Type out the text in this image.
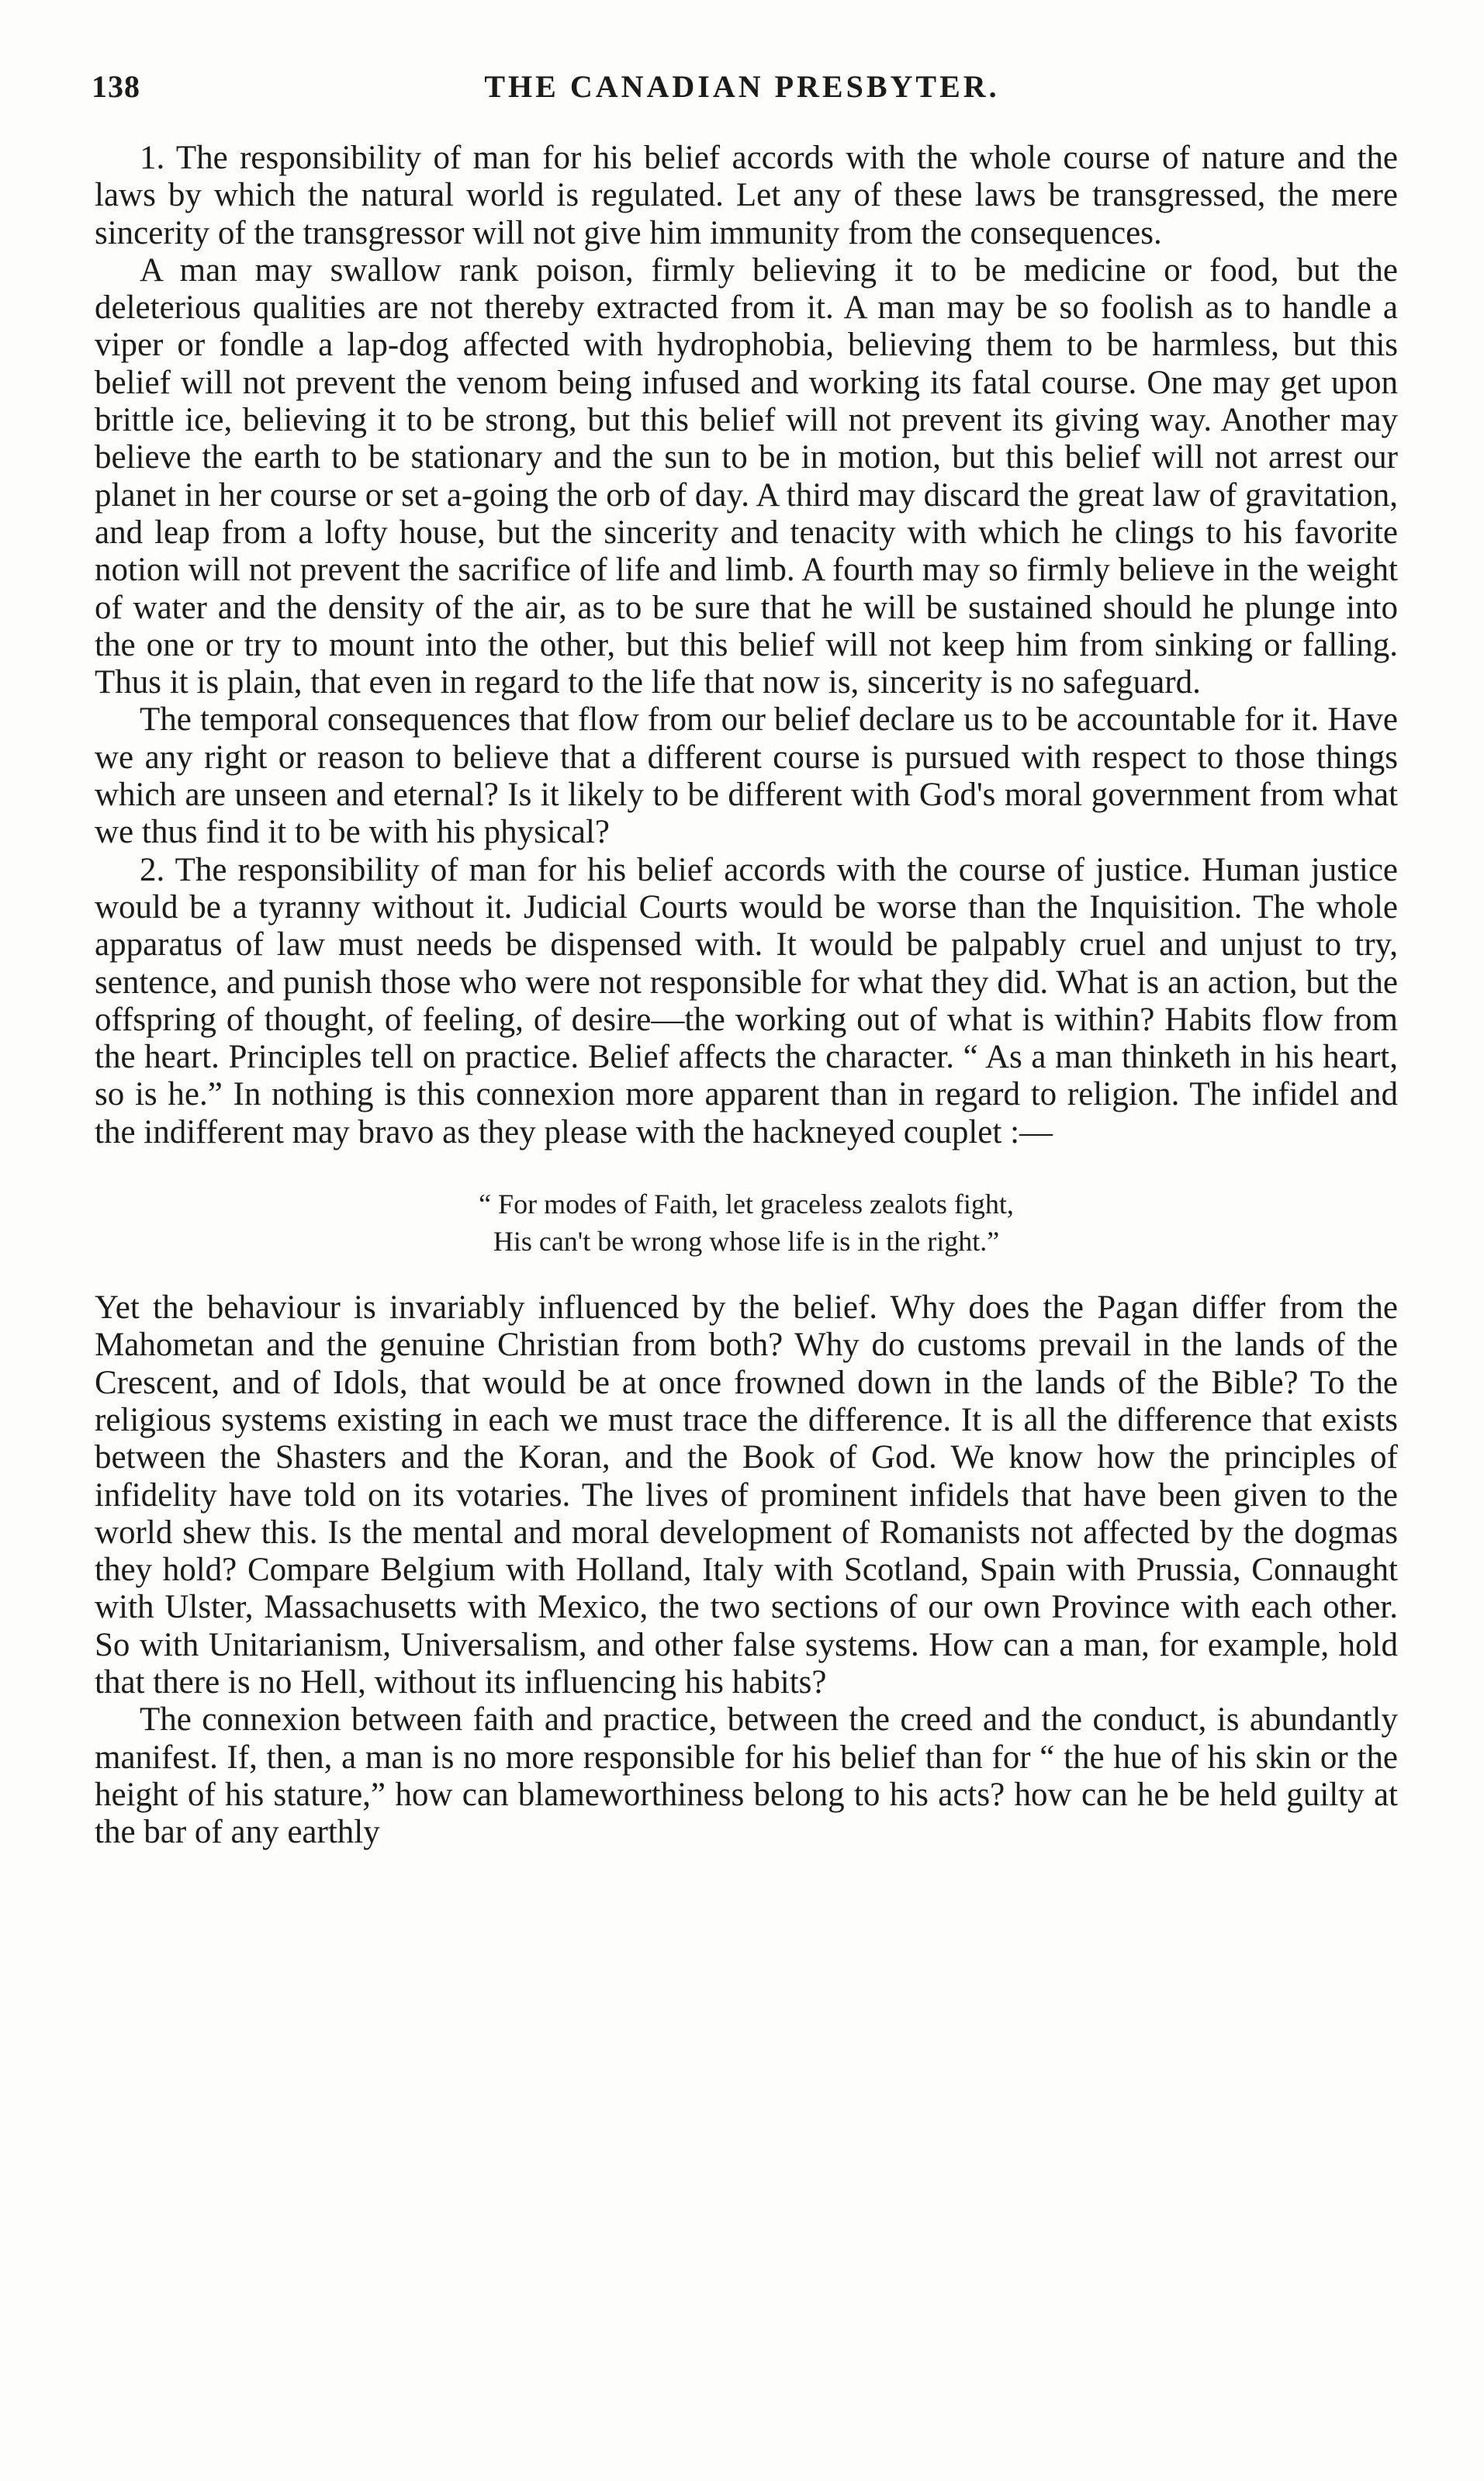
138	THE CANADIAN PRESBYTER.

1. The responsibility of man for his belief accords with the whole course of nature and the laws by which the natural world is regulated. Let any of these laws be transgressed, the mere sincerity of the transgressor will not give him immunity from the consequences.

A man may swallow rank poison, firmly believing it to be medicine or food, but the deleterious qualities are not thereby extracted from it. A man may be so foolish as to handle a viper or fondle a lap-dog affected with hydrophobia, believing them to be harmless, but this belief will not prevent the venom being infused and working its fatal course. One may get upon brittle ice, believing it to be strong, but this belief will not prevent its giving way. Another may believe the earth to be stationary and the sun to be in motion, but this belief will not arrest our planet in her course or set a-going the orb of day. A third may discard the great law of gravitation, and leap from a lofty house, but the sincerity and tenacity with which he clings to his favorite notion will not prevent the sacrifice of life and limb. A fourth may so firmly believe in the weight of water and the density of the air, as to be sure that he will be sustained should he plunge into the one or try to mount into the other, but this belief will not keep him from sinking or falling. Thus it is plain, that even in regard to the life that now is, sincerity is no safeguard.

The temporal consequences that flow from our belief declare us to be accountable for it. Have we any right or reason to believe that a different course is pursued with respect to those things which are unseen and eternal? Is it likely to be different with God's moral government from what we thus find it to be with his physical?

2. The responsibility of man for his belief accords with the course of justice. Human justice would be a tyranny without it. Judicial Courts would be worse than the Inquisition. The whole apparatus of law must needs be dispensed with. It would be palpably cruel and unjust to try, sentence, and punish those who were not responsible for what they did. What is an action, but the offspring of thought, of feeling, of desire—the working out of what is within? Habits flow from the heart. Principles tell on practice. Belief affects the character. “ As a man thinketh in his heart, so is he.” In nothing is this connexion more apparent than in regard to religion. The infidel and the indifferent may bravo as they please with the hackneyed couplet :—

“ For modes of Faith, let graceless zealots fight,
His can't be wrong whose life is in the right.”

Yet the behaviour is invariably influenced by the belief. Why does the Pagan differ from the Mahometan and the genuine Christian from both? Why do customs prevail in the lands of the Crescent, and of Idols, that would be at once frowned down in the lands of the Bible? To the religious systems existing in each we must trace the difference. It is all the difference that exists between the Shasters and the Koran, and the Book of God. We know how the principles of infidelity have told on its votaries. The lives of prominent infidels that have been given to the world shew this. Is the mental and moral development of Romanists not affected by the dogmas they hold? Compare Belgium with Holland, Italy with Scotland, Spain with Prussia, Connaught with Ulster, Massachusetts with Mexico, the two sections of our own Province with each other. So with Unitarianism, Universalism, and other false systems. How can a man, for example, hold that there is no Hell, without its influencing his habits?

The connexion between faith and practice, between the creed and the conduct, is abundantly manifest. If, then, a man is no more responsible for his belief than for “ the hue of his skin or the height of his stature,” how can blameworthiness belong to his acts? how can he be held guilty at the bar of any earthly
